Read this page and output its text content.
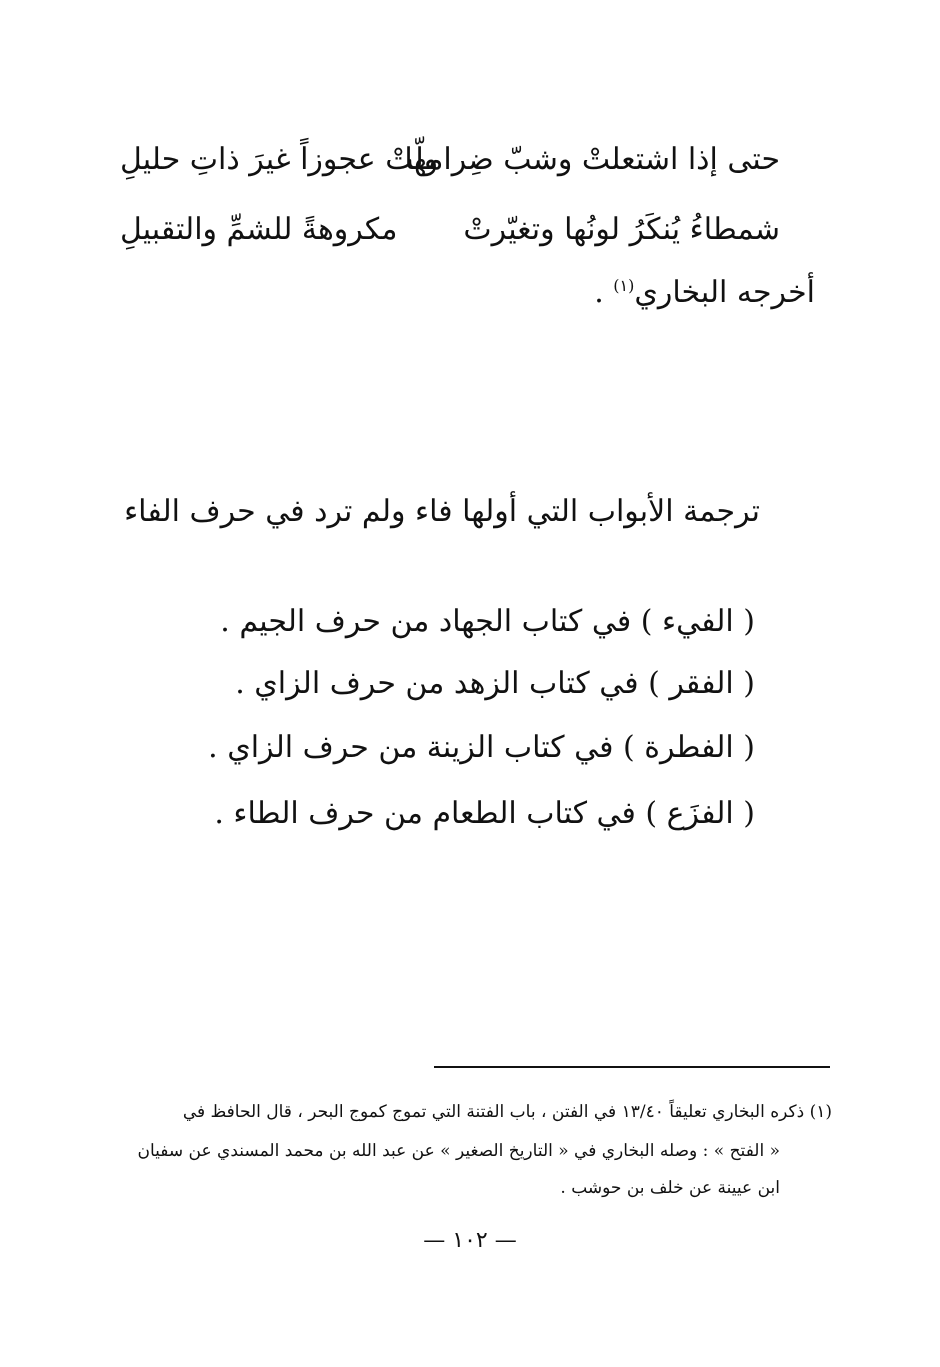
حتى إذا اشتعلتْ وشبّ ضِرامها
ولّتْ عجوزاً غيرَ ذاتِ حليلِ
شمطاءُ يُنكَرُ لونُها وتغيّرتْ
مكروهةً للشمِّ والتقبيلِ
أخرجه البخاري$^{(١)}$ .
ترجمة الأبواب التي أولها فاء ولم ترد في حرف الفاء
( الفيء ) في كتاب الجهاد من حرف الجيم .
( الفقر ) في كتاب الزهد من حرف الزاي .
( الفطرة ) في كتاب الزينة من حرف الزاي .
( الفزَع ) في كتاب الطعام من حرف الطاء .
(١) ذكره البخاري تعليقاً ١٣/٤٠ في الفتن ، باب الفتنة التي تموج كموج البحر ، قال الحافظ في
« الفتح » : وصله البخاري في « التاريخ الصغير » عن عبد الله بن محمد المسندي عن سفيان
ابن عيينة عن خلف بن حوشب .
— ١٠٢ —
